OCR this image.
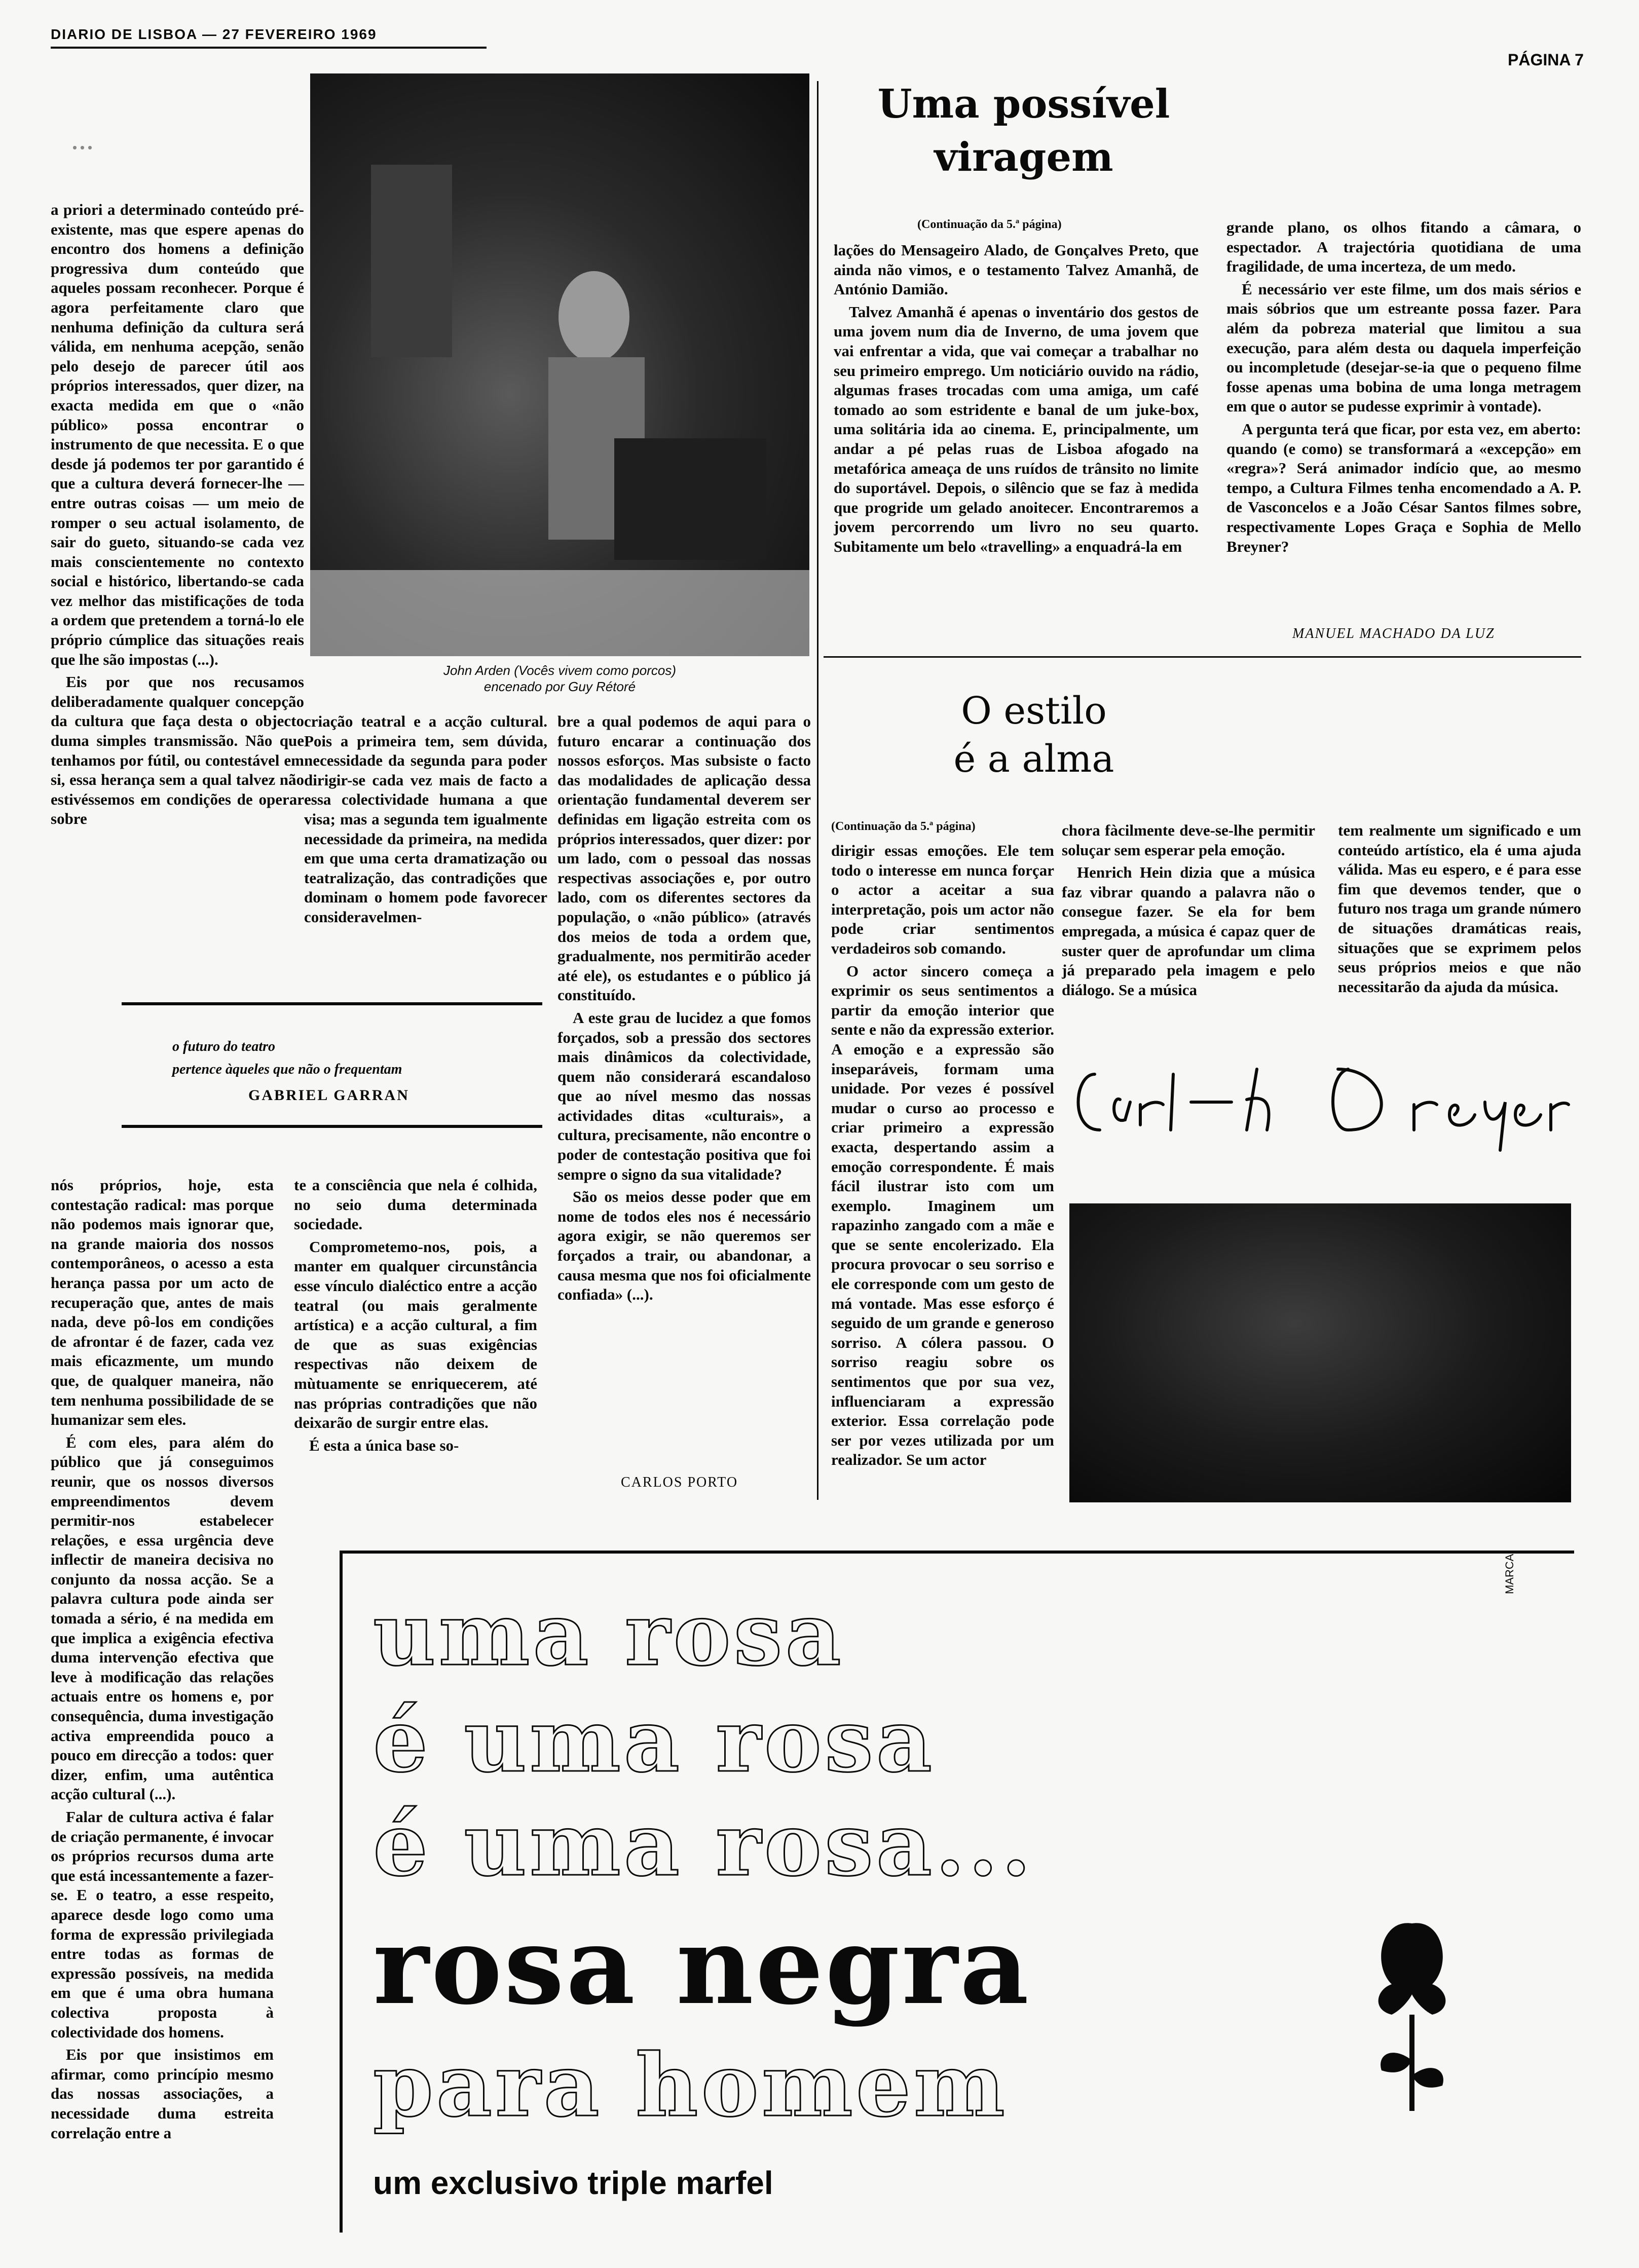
DIARIO DE LISBOA — 27 FEVEREIRO 1969
PÁGINA 7
...

a priori a determinado conteúdo pré-existente, mas que espere apenas do encontro dos homens a definição progressiva dum conteúdo que aqueles possam reconhecer. Porque é agora perfeitamente claro que nenhuma definição da cultura será válida, em nenhuma acepção, senão pelo desejo de parecer útil aos próprios interessados, quer dizer, na exacta medida em que o «não público» possa encontrar o instrumento de que necessita. E o que desde já podemos ter por garantido é que a cultura deverá fornecer-lhe — entre outras coisas — um meio de romper o seu actual isolamento, de sair do gueto, situando-se cada vez mais conscientemente no contexto social e histórico, libertando-se cada vez melhor das mistificações de toda a ordem que pretendem a torná-lo ele próprio cúmplice das situações reais que lhe são impostas (...).

Eis por que nos recusamos deliberadamente qualquer concepção da cultura que faça desta o objecto duma simples transmissão. Não que tenhamos por fútil, ou contestável em si, essa herança sem a qual talvez não estivéssemos em condições de operar sobre

John Arden (Vocês vivem como porcos)
encenado por Guy Rétoré

criação teatral e a acção cultural. Pois a primeira tem, sem dúvida, necessidade da segunda para poder dirigir-se cada vez mais de facto a essa colectividade humana a que visa; mas a segunda tem igualmente necessidade da primeira, na medida em que uma certa dramatização ou teatralização, das contradições que dominam o homem pode favorecer consideravelmen-

bre a qual podemos de aqui para o futuro encarar a continuação dos nossos esforços. Mas subsiste o facto das modalidades de aplicação dessa orientação fundamental deverem ser definidas em ligação estreita com os próprios interessados, quer dizer: por um lado, com o pessoal das nossas respectivas associações e, por outro lado, com os diferentes sectores da população, o «não público» (através dos meios de toda a ordem que, gradualmente, nos permitirão aceder até ele), os estudantes e o público já constituído.

A este grau de lucidez a que fomos forçados, sob a pressão dos sectores mais dinâmicos da colectividade, quem não considerará escandaloso que ao nível mesmo das nossas actividades ditas «culturais», a cultura, precisamente, não encontre o poder de contestação positiva que foi sempre o signo da sua vitalidade?

São os meios desse poder que em nome de todos eles nos é necessário agora exigir, se não queremos ser forçados a trair, ou abandonar, a causa mesma que nos foi oficialmente confiada» (...).

CARLOS PORTO
o futuro do teatro
pertence àqueles que não o frequentam
GABRIEL GARRAN

nós próprios, hoje, esta contestação radical: mas porque não podemos mais ignorar que, na grande maioria dos nossos contemporâneos, o acesso a esta herança passa por um acto de recuperação que, antes de mais nada, deve pô-los em condições de afrontar é de fazer, cada vez mais eficazmente, um mundo que, de qualquer maneira, não tem nenhuma possibilidade de se humanizar sem eles.

É com eles, para além do público que já conseguimos reunir, que os nossos diversos empreendimentos devem permitir-nos estabelecer relações, e essa urgência deve inflectir de maneira decisiva no conjunto da nossa acção. Se a palavra cultura pode ainda ser tomada a sério, é na medida em que implica a exigência efectiva duma intervenção efectiva que leve à modificação das relações actuais entre os homens e, por consequência, duma investigação activa empreendida pouco a pouco em direcção a todos: quer dizer, enfim, uma autêntica acção cultural (...).

Falar de cultura activa é falar de criação permanente, é invocar os próprios recursos duma arte que está incessantemente a fazer-se. E o teatro, a esse respeito, aparece desde logo como uma forma de expressão privilegiada entre todas as formas de expressão possíveis, na medida em que é uma obra humana colectiva proposta à colectividade dos homens.

Eis por que insistimos em afirmar, como princípio mesmo das nossas associações, a necessidade duma estreita correlação entre a

te a consciência que nela é colhida, no seio duma determinada sociedade.

Comprometemo-nos, pois, a manter em qualquer circunstância esse vínculo dialéctico entre a acção teatral (ou mais geralmente artística) e a acção cultural, a fim de que as suas exigências respectivas não deixem de mùtuamente se enriquecerem, até nas próprias contradições que não deixarão de surgir entre elas.

É esta a única base so-

Uma possível
viragem
(Continuação da 5.ª página)

lações do Mensageiro Alado, de Gonçalves Preto, que ainda não vimos, e o testamento Talvez Amanhã, de António Damião.

Talvez Amanhã é apenas o inventário dos gestos de uma jovem num dia de Inverno, de uma jovem que vai enfrentar a vida, que vai começar a trabalhar no seu primeiro emprego. Um noticiário ouvido na rádio, algumas frases trocadas com uma amiga, um café tomado ao som estridente e banal de um juke-box, uma solitária ida ao cinema. E, principalmente, um andar a pé pelas ruas de Lisboa afogado na metafórica ameaça de uns ruídos de trânsito no limite do suportável. Depois, o silêncio que se faz à medida que progride um gelado anoitecer. Encontraremos a jovem percorrendo um livro no seu quarto. Subitamente um belo «travelling» a enquadrá-la em

grande plano, os olhos fitando a câmara, o espectador. A trajectória quotidiana de uma fragilidade, de uma incerteza, de um medo.

É necessário ver este filme, um dos mais sérios e mais sóbrios que um estreante possa fazer. Para além da pobreza material que limitou a sua execução, para além desta ou daquela imperfeição ou incompletude (desejar-se-ia que o pequeno filme fosse apenas uma bobina de uma longa metragem em que o autor se pudesse exprimir à vontade).

A pergunta terá que ficar, por esta vez, em aberto: quando (e como) se transformará a «excepção» em «regra»? Será animador indício que, ao mesmo tempo, a Cultura Filmes tenha encomendado a A. P. de Vasconcelos e a João César Santos filmes sobre, respectivamente Lopes Graça e Sophia de Mello Breyner?

MANUEL MACHADO DA LUZ
O estilo
é a alma
(Continuação da 5.ª página)

dirigir essas emoções. Ele tem todo o interesse em nunca forçar o actor a aceitar a sua interpretação, pois um actor não pode criar sentimentos verdadeiros sob comando.

O actor sincero começa a exprimir os seus sentimentos a partir da emoção interior que sente e não da expressão exterior. A emoção e a expressão são inseparáveis, formam uma unidade. Por vezes é possível mudar o curso ao processo e criar primeiro a expressão exacta, despertando assim a emoção correspondente. É mais fácil ilustrar isto com um exemplo. Imaginem um rapazinho zangado com a mãe e que se sente encolerizado. Ela procura provocar o seu sorriso e ele corresponde com um gesto de má vontade. Mas esse esforço é seguido de um grande e generoso sorriso. A cólera passou. O sorriso reagiu sobre os sentimentos que por sua vez, influenciaram a expressão exterior. Essa correlação pode ser por vezes utilizada por um realizador. Se um actor

chora fàcilmente deve-se-lhe permitir soluçar sem esperar pela emoção.

Henrich Hein dizia que a música faz vibrar quando a palavra não o consegue fazer. Se ela for bem empregada, a música é capaz quer de suster quer de aprofundar um clima já preparado pela imagem e pelo diálogo. Se a música

tem realmente um significado e um conteúdo artístico, ela é uma ajuda válida. Mas eu espero, e é para esse fim que devemos tender, que o futuro nos traga um grande número de situações dramáticas reais, situações que se exprimem pelos seus próprios meios e que não necessitarão da ajuda da música.

uma rosa
é uma rosa
é uma rosa...
rosa negra
para homem
um exclusivo triple marfel
MARCA
